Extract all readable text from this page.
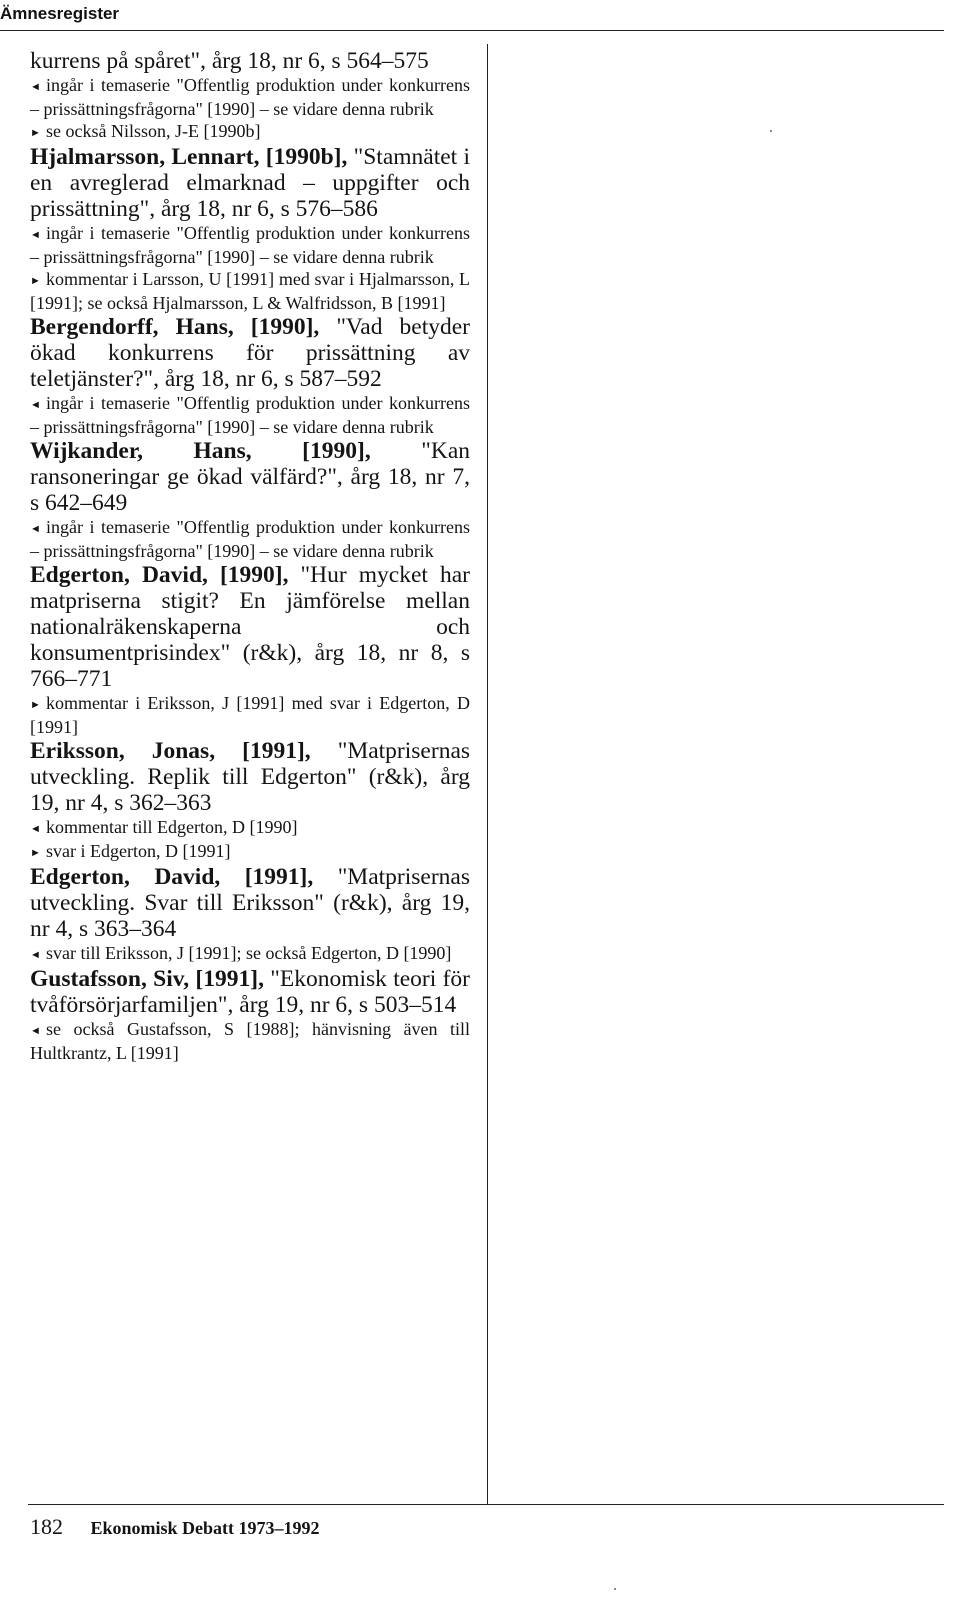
Ämnesregister
kurrens på spåret", årg 18, nr 6, s 564–575
◄ ingår i temaserie "Offentlig produktion under konkurrens – prissättningsfrågorna" [1990] – se vidare denna rubrik
► se också Nilsson, J-E [1990b]
Hjalmarsson, Lennart, [1990b], "Stamnätet i en avreglerad elmarknad – uppgifter och prissättning", årg 18, nr 6, s 576–586
◄ ingår i temaserie "Offentlig produktion under konkurrens – prissättningsfrågorna" [1990] – se vidare denna rubrik
► kommentar i Larsson, U [1991] med svar i Hjalmarsson, L [1991]; se också Hjalmarsson, L & Walfridsson, B [1991]
Bergendorff, Hans, [1990], "Vad betyder ökad konkurrens för prissättning av teletjänster?", årg 18, nr 6, s 587–592
◄ ingår i temaserie "Offentlig produktion under konkurrens – prissättningsfrågorna" [1990] – se vidare denna rubrik
Wijkander, Hans, [1990], "Kan ransoneringar ge ökad välfärd?", årg 18, nr 7, s 642–649
◄ ingår i temaserie "Offentlig produktion under konkurrens – prissättningsfrågorna" [1990] – se vidare denna rubrik
Edgerton, David, [1990], "Hur mycket har matpriserna stigit? En jämförelse mellan nationalräkenskaperna och konsumentprisindex" (r&k), årg 18, nr 8, s 766–771
► kommentar i Eriksson, J [1991] med svar i Edgerton, D [1991]
Eriksson, Jonas, [1991], "Matprisernas utveckling. Replik till Edgerton" (r&k), årg 19, nr 4, s 362–363
◄ kommentar till Edgerton, D [1990]
► svar i Edgerton, D [1991]
Edgerton, David, [1991], "Matprisernas utveckling. Svar till Eriksson" (r&k), årg 19, nr 4, s 363–364
◄ svar till Eriksson, J [1991]; se också Edgerton, D [1990]
Gustafsson, Siv, [1991], "Ekonomisk teori för tvåförsörjarfamiljen", årg 19, nr 6, s 503–514
◄ se också Gustafsson, S [1988]; hänvisning även till Hultkrantz, L [1991]
182 Ekonomisk Debatt 1973–1992
